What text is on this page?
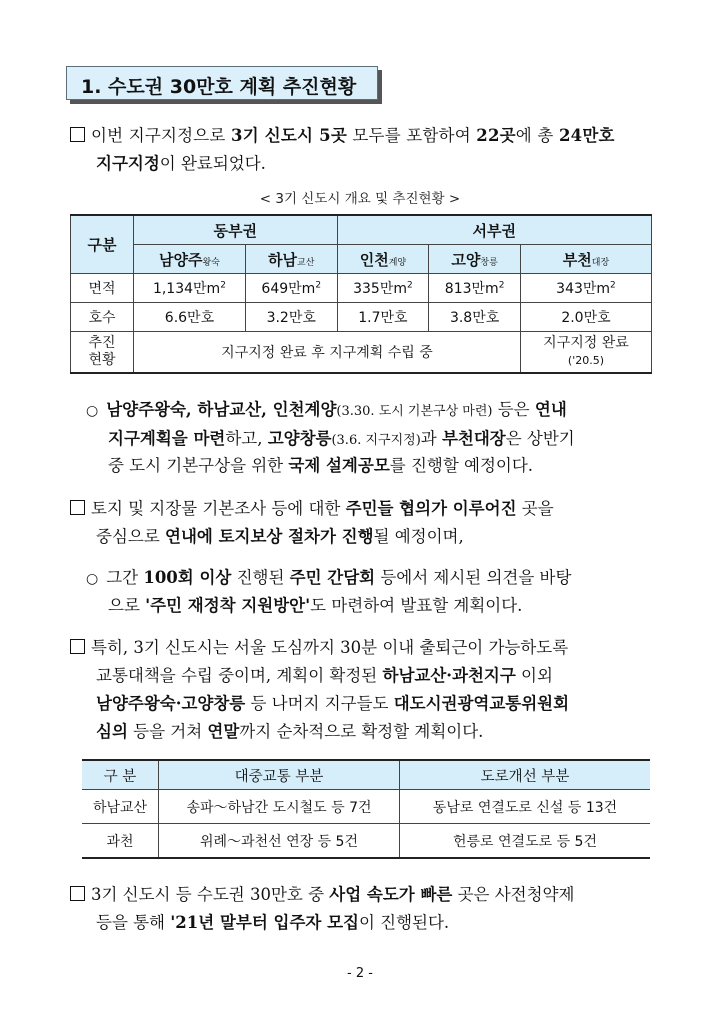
1. 수도권 30만호 계획 추진현황
이번 지구지정으로 3기 신도시 5곳 모두를 포함하여 22곳에 총 24만호
지구지정이 완료되었다.
< 3기 신도시 개요 및 추진현황 >
구분	동부권		서부권		
	남양주왕숙	하남교산	인천계양	고양창릉	부천대장
면적	1,134만$m^2$	649만$m^2$	335만$m^2$	813만$m^2$	343만$m^2$
호수	6.6만호	3.2만호	1.7만호	3.8만호	2.0만호
추진
현황	지구지정 완료 후 지구계획 수립 중				지구지정 완료
('20.5)
○ 남양주왕숙, 하남교산, 인천계양(3.30. 도시 기본구상 마련) 등은 연내
지구계획을 마련하고, 고양창릉(3.6. 지구지정)과 부천대장은 상반기
중 도시 기본구상을 위한 국제 설계공모를 진행할 예정이다.
토지 및 지장물 기본조사 등에 대한 주민들 협의가 이루어진 곳을
중심으로 연내에 토지보상 절차가 진행될 예정이며,
○ 그간 100회 이상 진행된 주민 간담회 등에서 제시된 의견을 바탕
으로 '주민 재정착 지원방안'도 마련하여 발표할 계획이다.
특히, 3기 신도시는 서울 도심까지 30분 이내 출퇴근이 가능하도록
교통대책을 수립 중이며, 계획이 확정된 하남교산·과천지구 이외
남양주왕숙·고양창릉 등 나머지 지구들도 대도시권광역교통위원회
심의 등을 거쳐 연말까지 순차적으로 확정할 계획이다.
구 분	대중교통 부분	도로개선 부분
하남교산	송파～하남간 도시철도 등 7건	동남로 연결도로 신설 등 13건
과천	위례～과천선 연장 등 5건	헌릉로 연결도로 등 5건
3기 신도시 등 수도권 30만호 중 사업 속도가 빠른 곳은 사전청약제
등을 통해 '21년 말부터 입주자 모집이 진행된다.
- 2 -
